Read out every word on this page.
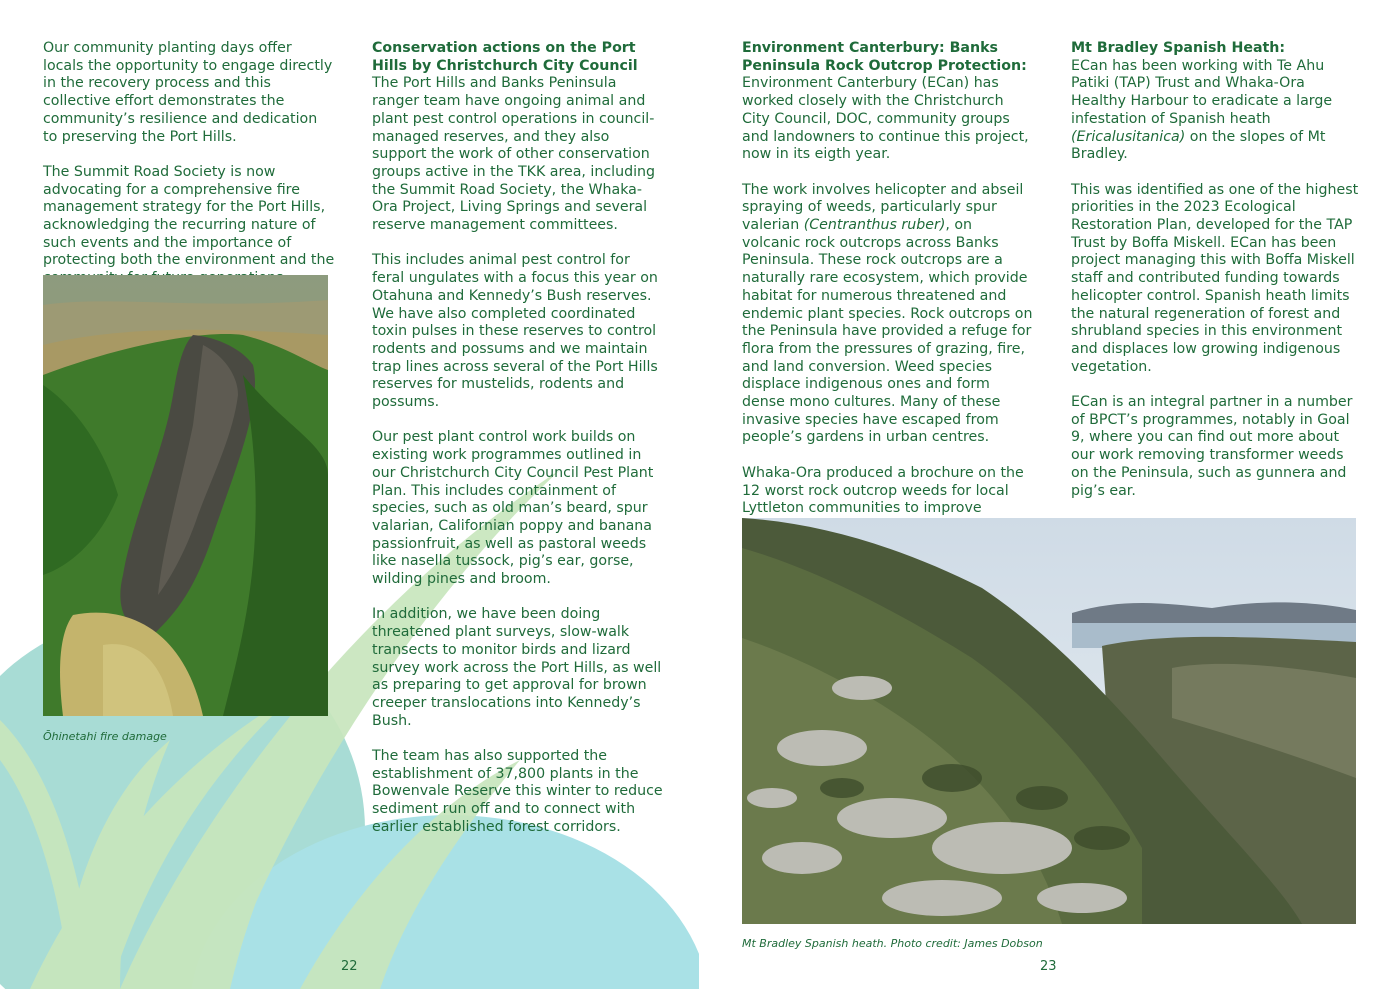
Our community planting days offer locals the opportunity to engage directly in the recovery process and this collective effort demonstrates the community’s resilience and dedication to preserving the Port Hills.

The Summit Road Society is now advocating for a comprehensive fire management strategy for the Port Hills, acknowledging the recurring nature of such events and the importance of protecting both the environment and the

Ōhinetahi fire damage
Conservation actions on the Port Hills by Christchurch City Council

The Port Hills and Banks Peninsula ranger team have ongoing animal and plant pest control operations in council-managed reserves, and they also support the work of other conservation groups active in the TKK area, including the Summit Road Society, the Whaka-Ora Project, Living Springs and several reserve management committees.

This includes animal pest control for feral ungulates with a focus this year on Otahuna and Kennedy’s Bush reserves. We have also completed coordinated toxin pulses in these reserves to control rodents and possums and we maintain trap lines across several of the Port Hills reserves for mustelids, rodents and possums.

Our pest plant control work builds on existing work programmes outlined in our Christchurch City Council Pest Plant Plan. This includes containment of species, such as old man’s beard, spur valarian, Californian poppy and banana passionfruit, as well as pastoral weeds like nasella tussock, pig’s ear, gorse, wilding pines and broom.

In addition, we have been doing threatened plant surveys, slow-walk transects to monitor birds and lizard survey work across the Port Hills, as well as preparing to get approval for brown creeper translocations into Kennedy’s Bush.

The team has also supported the establishment of 37,800 plants in the Bowenvale Reserve this winter to reduce sediment run off and to connect with earlier established forest corridors.

22
Environment Canterbury: Banks Peninsula Rock Outcrop Protection:

Environment Canterbury (ECan) has worked closely with the Christchurch City Council, DOC, community groups and landowners to continue this project, now in its eigth year.

The work involves helicopter and abseil spraying of weeds, particularly spur valerian (Centranthus ruber), on volcanic rock outcrops across Banks Peninsula. These rock outcrops are a naturally rare ecosystem, which provide habitat for numerous threatened and endemic plant species. Rock outcrops on the Peninsula have provided a refuge for flora from the pressures of grazing, fire, and land conversion. Weed species displace indigenous ones and form dense mono cultures. Many of these invasive species have escaped from people’s gardens in urban centres.

Whaka-Ora produced a brochure on the 12 worst rock outcrop weeds for local Lyttleton communities to improve

Mt Bradley Spanish Heath:

ECan has been working with Te Ahu Patiki (TAP) Trust and Whaka-Ora Healthy Harbour to eradicate a large infestation of Spanish heath (Ericalusitanica) on the slopes of Mt Bradley.

This was identified as one of the highest priorities in the 2023 Ecological Restoration Plan, developed for the TAP Trust by Boffa Miskell. ECan has been project managing this with Boffa Miskell staff and contributed funding towards helicopter control. Spanish heath limits the natural regeneration of forest and shrubland species in this environment and displaces low growing indigenous vegetation.

ECan is an integral partner in a number of BPCT’s programmes, notably in Goal 9, where you can find out more about our work removing transformer weeds on the Peninsula, such as gunnera and pig’s ear.

Mt Bradley Spanish heath. Photo credit: James Dobson
23
